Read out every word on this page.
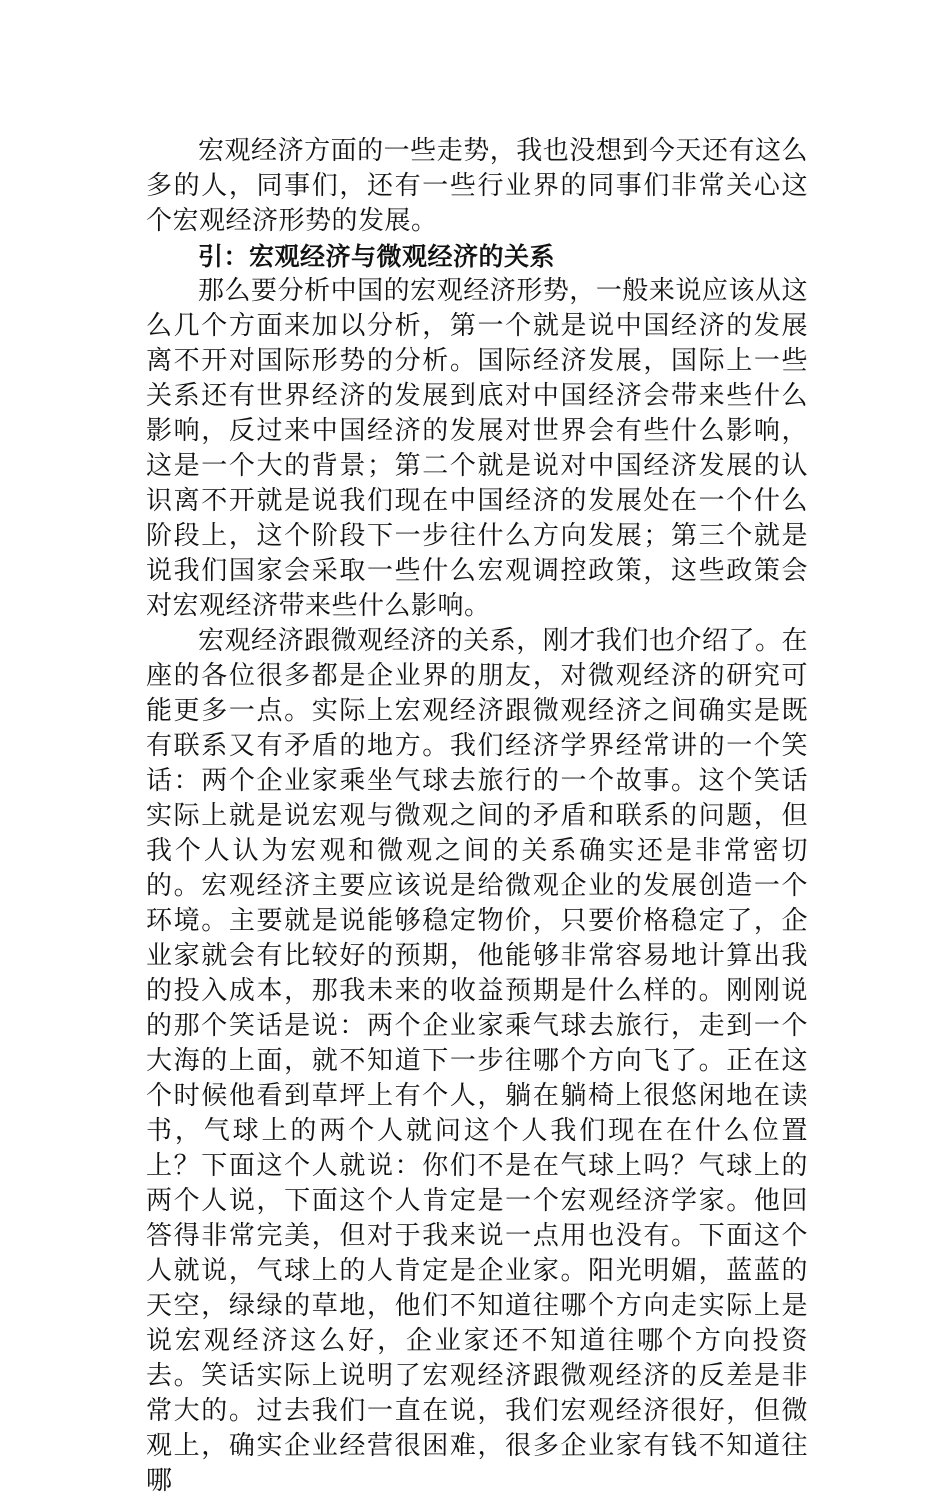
宏观经济方面的一些走势，我也没想到今天还有这么多的人，同事们，还有一些行业界的同事们非常关心这个宏观经济形势的发展。

引：宏观经济与微观经济的关系

那么要分析中国的宏观经济形势，一般来说应该从这么几个方面来加以分析，第一个就是说中国经济的发展离不开对国际形势的分析。国际经济发展，国际上一些关系还有世界经济的发展到底对中国经济会带来些什么影响，反过来中国经济的发展对世界会有些什么影响，这是一个大的背景；第二个就是说对中国经济发展的认识离不开就是说我们现在中国经济的发展处在一个什么阶段上，这个阶段下一步往什么方向发展；第三个就是说我们国家会采取一些什么宏观调控政策，这些政策会对宏观经济带来些什么影响。

宏观经济跟微观经济的关系，刚才我们也介绍了。在座的各位很多都是企业界的朋友，对微观经济的研究可能更多一点。实际上宏观经济跟微观经济之间确实是既有联系又有矛盾的地方。我们经济学界经常讲的一个笑话：两个企业家乘坐气球去旅行的一个故事。这个笑话实际上就是说宏观与微观之间的矛盾和联系的问题，但我个人认为宏观和微观之间的关系确实还是非常密切的。宏观经济主要应该说是给微观企业的发展创造一个环境。主要就是说能够稳定物价，只要价格稳定了，企业家就会有比较好的预期，他能够非常容易地计算出我的投入成本，那我未来的收益预期是什么样的。刚刚说的那个笑话是说：两个企业家乘气球去旅行，走到一个大海的上面，就不知道下一步往哪个方向飞了。正在这个时候他看到草坪上有个人，躺在躺椅上很悠闲地在读书，气球上的两个人就问这个人我们现在在什么位置上？下面这个人就说：你们不是在气球上吗？气球上的两个人说，下面这个人肯定是一个宏观经济学家。他回答得非常完美，但对于我来说一点用也没有。下面这个人就说，气球上的人肯定是企业家。阳光明媚，蓝蓝的天空，绿绿的草地，他们不知道往哪个方向走实际上是说宏观经济这么好，企业家还不知道往哪个方向投资去。笑话实际上说明了宏观经济跟微观经济的反差是非常大的。过去我们一直在说，我们宏观经济很好，但微观上，确实企业经营很困难，很多企业家有钱不知道往哪
